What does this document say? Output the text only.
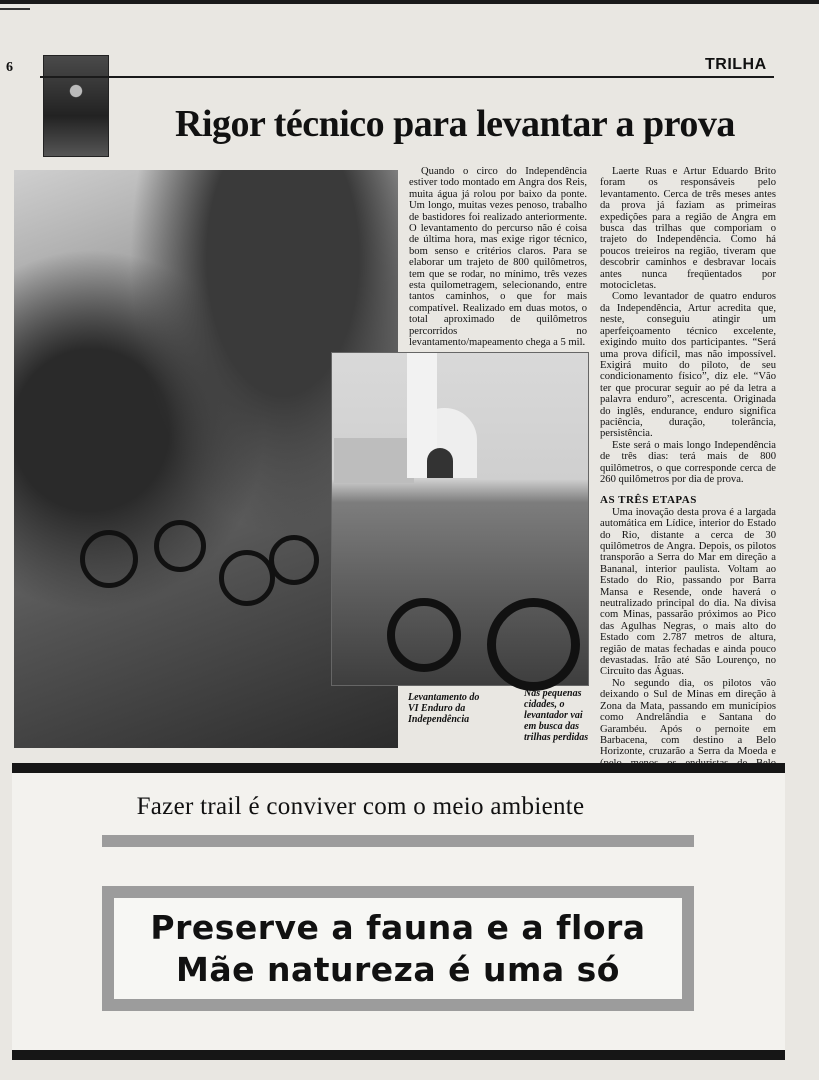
6	TRILHA
Rigor técnico para levantar a prova
Levantamento do VI Enduro da Independência
Nas pequenas cidades, o levantador vai em busca das trilhas perdidas

Quando o circo do Independência estiver todo montado em Angra dos Reis, muita água já rolou por baixo da ponte. Um longo, muitas vezes penoso, trabalho de bastidores foi realizado anteriormente. O levantamento do percurso não é coisa de última hora, mas exige rigor técnico, bom senso e critérios claros. Para se elaborar um trajeto de 800 quilômetros, tem que se rodar, no mínimo, três vezes esta quilometragem, selecionando, entre tantos caminhos, o que for mais compatível. Realizado em duas motos, o total aproximado de quilômetros percorridos no levantamento/mapeamento chega a 5 mil.

Laerte Ruas e Artur Eduardo Brito foram os responsáveis pelo levantamento. Cerca de três meses antes da prova já faziam as primeiras expedições para a região de Angra em busca das trilhas que comporiam o trajeto do Independência. Como há poucos treieiros na região, tiveram que descobrir caminhos e desbravar locais antes nunca freqüentados por motocicletas.

Como levantador de quatro enduros da Independência, Artur acredita que, neste, conseguiu atingir um aperfeiçoamento técnico excelente, exigindo muito dos participantes. “Será uma prova difícil, mas não impossível. Exigirá muito do piloto, de seu condicionamento físico”, diz ele. “Vão ter que procurar seguir ao pé da letra a palavra enduro”, acrescenta. Originada do inglês, endurance, enduro significa paciência, duração, tolerância, persistência.

Este será o mais longo Independência de três dias: terá mais de 800 quilômetros, o que corresponde cerca de 260 quilômetros por dia de prova.

AS TRÊS ETAPAS

Uma inovação desta prova é a largada automática em Lídice, interior do Estado do Rio, distante a cerca de 30 quilômetros de Angra. Depois, os pilotos transporão a Serra do Mar em direção a Bananal, interior paulista. Voltam ao Estado do Rio, passando por Barra Mansa e Resende, onde haverá o neutralizado principal do dia. Na divisa com Minas, passarão próximos ao Pico das Agulhas Negras, o mais alto do Estado com 2.787 metros de altura, região de matas fechadas e ainda pouco devastadas. Irão até São Lourenço, no Circuito das Águas.

No segundo dia, os pilotos vão deixando o Sul de Minas em direção à Zona da Mata, passando em municípios como Andrelândia e Santana do Garambéu. Após o pernoite em Barbacena, com destino a Belo Horizonte, cruzarão a Serra da Moeda e

Fazer trail é conviver com o meio ambiente
Preserve a fauna e a flora
Mãe natureza é uma só
